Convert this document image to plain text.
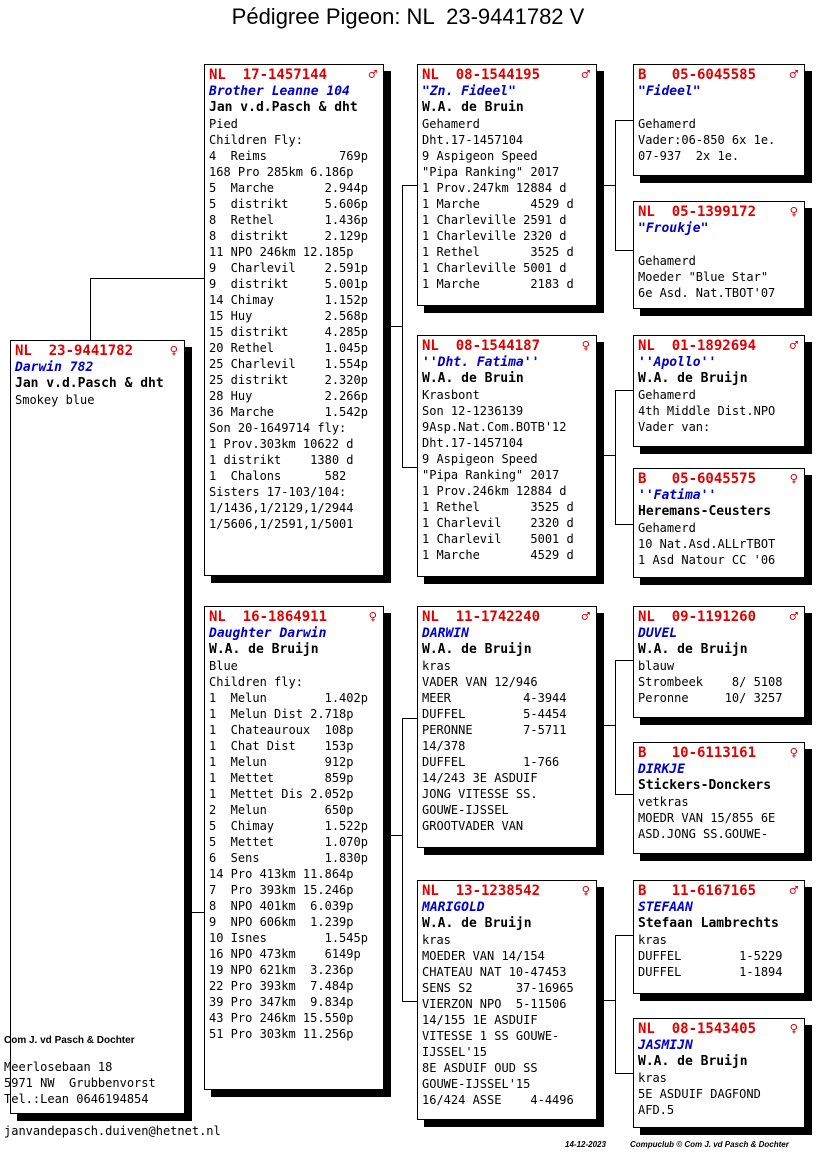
Pédigree Pigeon: NL  23-9441782 V
NL  23-9441782	♀
Darwin 782
Jan v.d.Pasch & dht
Smokey blue
NL  17-1457144	♂
Brother Leanne 104
Jan v.d.Pasch & dht
Pied
Children Fly:
4  Reims          769p
168 Pro 285km 6.186p
5  Marche       2.944p
5  distrikt     5.606p
8  Rethel       1.436p
8  distrikt     2.129p
11 NPO 246km 12.185p
9  Charlevil    2.591p
9  distrikt     5.001p
14 Chimay       1.152p
15 Huy          2.568p
15 distrikt     4.285p
20 Rethel       1.045p
25 Charlevil    1.554p
25 distrikt     2.320p
28 Huy          2.266p
36 Marche       1.542p
Son 20-1649714 fly:
1 Prov.303km 10622 d
1 distrikt    1380 d
1  Chalons      582
Sisters 17-103/104:
1/1436,1/2129,1/2944
1/5606,1/2591,1/5001
NL  16-1864911	♀
Daughter Darwin
W.A. de Bruijn
Blue
Children fly:
1  Melun        1.402p
1  Melun Dist 2.718p
1  Chateauroux  108p
1  Chat Dist    153p
1  Melun        912p
1  Mettet       859p
1  Mettet Dis 2.052p
2  Melun        650p
5  Chimay       1.522p
5  Mettet       1.070p
6  Sens         1.830p
14 Pro 413km 11.864p
7  Pro 393km 15.246p
8  NPO 401km  6.039p
9  NPO 606km  1.239p
10 Isnes        1.545p
16 NPO 473km    6149p
19 NPO 621km  3.236p
22 Pro 393km  7.484p
39 Pro 347km  9.834p
43 Pro 246km 15.550p
51 Pro 303km 11.256p
NL  08-1544195	♂
"Zn. Fideel"
W.A. de Bruin
Gehamerd
Dht.17-1457104
9 Aspigeon Speed
"Pipa Ranking" 2017
1 Prov.247km 12884 d
1 Marche       4529 d
1 Charleville 2591 d
1 Charleville 2320 d
1 Rethel       3525 d
1 Charleville 5001 d
1 Marche       2183 d
NL  08-1544187	♀
''Dht. Fatima''
W.A. de Bruin
Krasbont
Son 12-1236139
9Asp.Nat.Com.BOTB'12
Dht.17-1457104
9 Aspigeon Speed
"Pipa Ranking" 2017
1 Prov.246km 12884 d
1 Rethel       3525 d
1 Charlevil    2320 d
1 Charlevil    5001 d
1 Marche       4529 d
NL  11-1742240	♂
DARWIN
W.A. de Bruijn
kras
VADER VAN 12/946
MEER          4-3944
DUFFEL        5-4454
PERONNE       7-5711
14/378
DUFFEL        1-766
14/243 3E ASDUIF
JONG VITESSE SS.
GOUWE-IJSSEL
GROOTVADER VAN
NL  13-1238542	♀
MARIGOLD
W.A. de Bruijn
kras
MOEDER VAN 14/154
CHATEAU NAT 10-47453
SENS S2      37-16965
VIERZON NPO  5-11506
14/155 1E ASDUIF
VITESSE 1 SS GOUWE-
IJSSEL'15
8E ASDUIF OUD SS
GOUWE-IJSSEL'15
16/424 ASSE    4-4496
B   05-6045585 ♂
"Fideel"
Gehamerd
Vader:06-850 6x 1e.
07-937  2x 1e.
NL  05-1399172 ♀
"Froukje"
Gehamerd
Moeder "Blue Star"
6e Asd. Nat.TBOT'07
NL  01-1892694 ♂
''Apollo''
W.A. de Bruijn
Gehamerd
4th Middle Dist.NPO
Vader van:
B   05-6045575 ♀
''Fatima''
Heremans-Ceusters
Gehamerd
10 Nat.Asd.ALLrTBOT
1 Asd Natour CC '06
NL  09-1191260 ♂
DUVEL
W.A. de Bruijn
blauw
Strombeek    8/ 5108
Peronne     10/ 3257
B   10-6113161 ♀
DIRKJE
Stickers-Donckers
vetkras
MOEDR VAN 15/855 6E
ASD.JONG SS.GOUWE-
B   11-6167165 ♂
STEFAAN
Stefaan Lambrechts
kras
DUFFEL        1-5229
DUFFEL        1-1894
NL  08-1543405 ♀
JASMIJN
W.A. de Bruijn
kras
5E ASDUIF DAGFOND
AFD.5
Com J. vd Pasch & Dochter
Meerlosebaan 18
5971 NW  Grubbenvorst
Tel.:Lean 0646194854
janvandepasch.duiven@hetnet.nl
14-12-2023	Compuclub © Com J. vd Pasch & Dochter
